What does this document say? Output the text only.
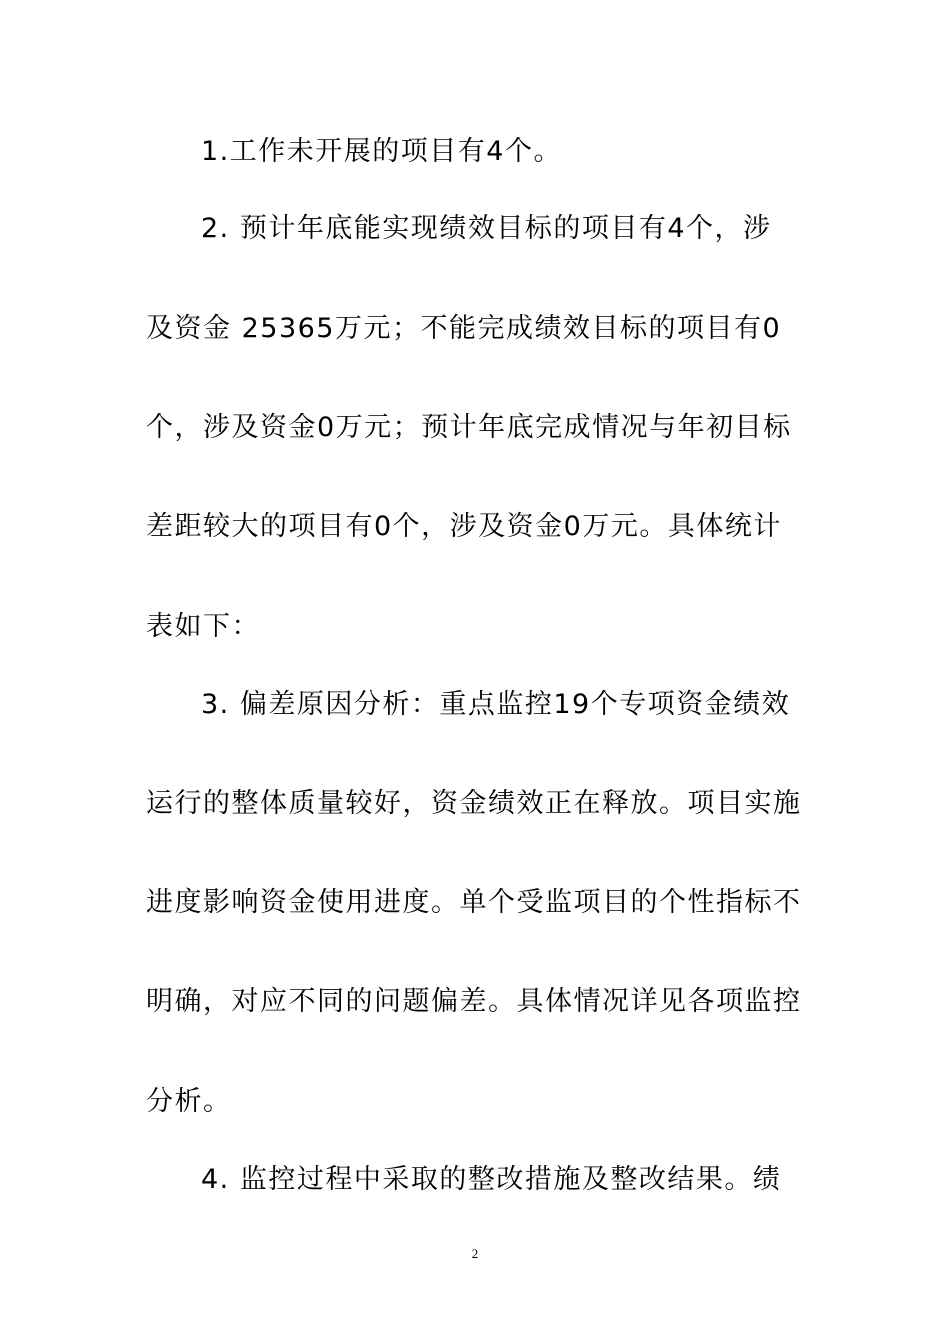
1.工作未开展的项目有4个。
2. 预计年底能实现绩效目标的项目有4个，涉
及资金 25365万元；不能完成绩效目标的项目有0
个，涉及资金0万元；预计年底完成情况与年初目标
差距较大的项目有0个，涉及资金0万元。具体统计
表如下：
3. 偏差原因分析：重点监控19个专项资金绩效
运行的整体质量较好，资金绩效正在释放。项目实施
进度影响资金使用进度。单个受监项目的个性指标不
明确，对应不同的问题偏差。具体情况详见各项监控
分析。
4. 监控过程中采取的整改措施及整改结果。绩
2
